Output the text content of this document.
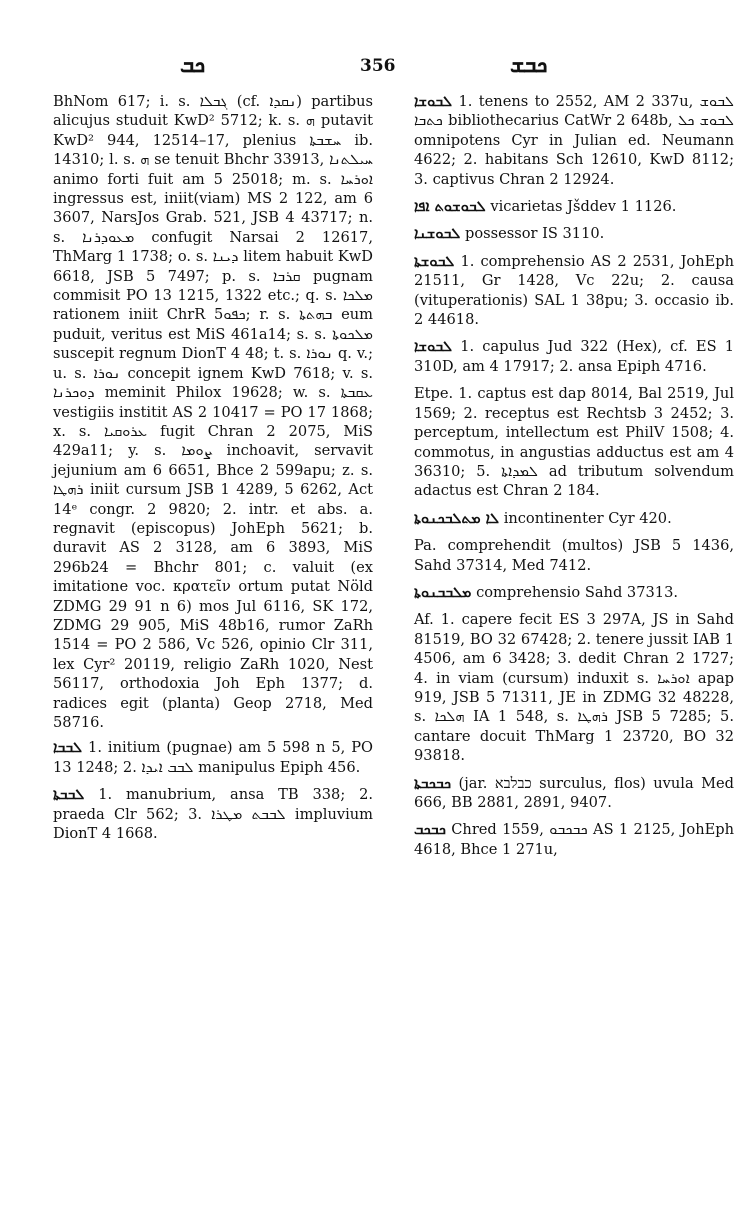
ܟܒ	356	ܟܒܫ

BhNom 617; i. s. ܓܒܠܐ (cf. ܢܩܕܐ) partibus alicujus studuit KwD² 5712; k. s. ܗ putavit KwD² 944, 12514–17, plenius ܚܫܒܬܐ ib. 14310; l. s. ܗ se tenuit Bhchr 33913, ܚܝܠܬܢܐ animo forti fuit am 5 25018; m. s. ܐܘܪܚܐ ingressus est, iniit(viam) MS 2 122, am 6 3607, NarsJos Grab. 521, JSB 4 43717; n. s. ܡܥܘܕܪܢܐ confugit Narsai 2 12617, ThMarg 1 1738; o. s. ܕܝܢܐ litem habuit KwD 6618, JSB 5 7497; p. s. ܩܪܒܐ pugnam commisit PO 13 1215, 1322 etc.; q. s. ܡܠܟܐ rationem iniit ChrR ܟܦܘ5; r. s. ܒܗܬܬܐ eum puduit, veritus est MiS 461a14; s. s. ܡܠܟܘܬܐ suscepit regnum DionT 4 48; t. s. ܢܘܪܐ q. v.; u. s. ܢܘܪܐ concepit ignem KwD 7618; v. s. ܕܘܟܪܢܐ meminit Philox 19628; w. s. ܥܩܒܬܐ vestigiis institit AS 2 10417 = PO 17 1868; x. s. ܥܪܘܩܝܐ fugit Chran 2 2075, MiS 429a11; y. s. ܨܘܡܐ inchoavit, servavit jejunium am 6 6651, Bhce 2 599apu; z. s. ܪܗܛܐ iniit cursum JSB 1 4289, 5 6262, Act 14ᵉ congr. 2 9820; 2. intr. et abs. a. regnavit (episcopus) JohEph 5621; b. duravit AS 2 3128, am 6 3893, MiS 296b24 = Bhchr 801; c. valuit (ex imitatione voc. κρατεῖν ortum putat Nöld ZDMG 29 91 n 6) mos Jul 6116, SK 172, ZDMG 29 905, MiS 48b16, rumor ZaRh 1514 = PO 2 586, Vc 526, opinio Clr 311, lex Cyr² 20119, religio ZaRh 1020, Nest 56117, orthodoxia Joh Eph 1377; d. radices egit (planta) Geop 2718, Med 58716.

ܠܒܒܐ 1. initium (pugnae) am 5 598 n 5, PO 13 1248; 2. ܠܒܒ ܐܝܕܐ manipulus Epiph 456.

ܠܒܒܬܐ 1. manubrium, ansa TB 338; 2. praeda Clr 562; 3. ܠܒܒܬ ܡܛܪܐ impluvium DionT 4 1668.

ܠܒܘܫܐ 1. tenens to 2552, AM 2 337u, ܠܒܘܫ ܟܬܒܐ bibliothecarius CatWr 2 648b, ܠܒܘܫ ܟܠ omnipotens Cyr in Julian ed. Neumann 4622; 2. habitans Sch 12610, KwD 8112; 3. captivus Chran 2 12924.

ܠܒܘܫܘܬ ܐܦܐ vicarietas Jšddev 1 1126.

ܠܒܘܫܢܐ possessor IS 3110.

ܠܒܘܫܬܐ 1. comprehensio AS 2 2531, JohEph 21511, Gr 1428, Vc 22u; 2. causa (vituperationis) SAL 1 38pu; 3. occasio ib. 2 44618.

ܠܒܘܫܐ 1. capulus Jud 322 (Hex), cf. ES 1 310D, am 4 17917; 2. ansa Epiph 4716.

Etpe. 1. captus est dap 8014, Bal 2519, Jul 1569; 2. receptus est Rechtsb 3 2452; 3. perceptum, intellectum est PhilV 1508; 4. commotus, in angustias adductus est am 4 36310; 5. ܠܡܕܐܬܐ ad tributum solvendum adactus est Chran 2 184.

ܠܐ ܡܬܠܒܟܢܘܬܐ incontinenter Cyr 420.

Pa. comprehendit (multos) JSB 5 1436, Sahd 37314, Med 7412.

ܡܠܒܒܢܘܬܐ comprehensio Sahd 37313.

Af. 1. capere fecit ES 3 297A, JS in Sahd 81519, BO 32 67428; 2. tenere jussit IAB 1 4506, am 6 3428; 3. dedit Chran 2 1727; 4. in viam (cursum) induxit s. ܐܘܪܚܐ apap 919, JSB 5 71311, JE in ZDMG 32 48228, s. ܗܠܟܐ IA 1 548, s. ܪܗܛܐ JSB 5 7285; 5. cantare docuit ThMarg 1 23720, BO 32 93818.

ܟܒܟܒܬܐ (jar. כבלבא surculus, flos) uvula Med 666, BB 2881, 2891, 9407.

ܟܒܟܒ Chred 1559, ܟܒܟܒܘ AS 1 2125, JohEph 4618, Bhce 1 271u,
